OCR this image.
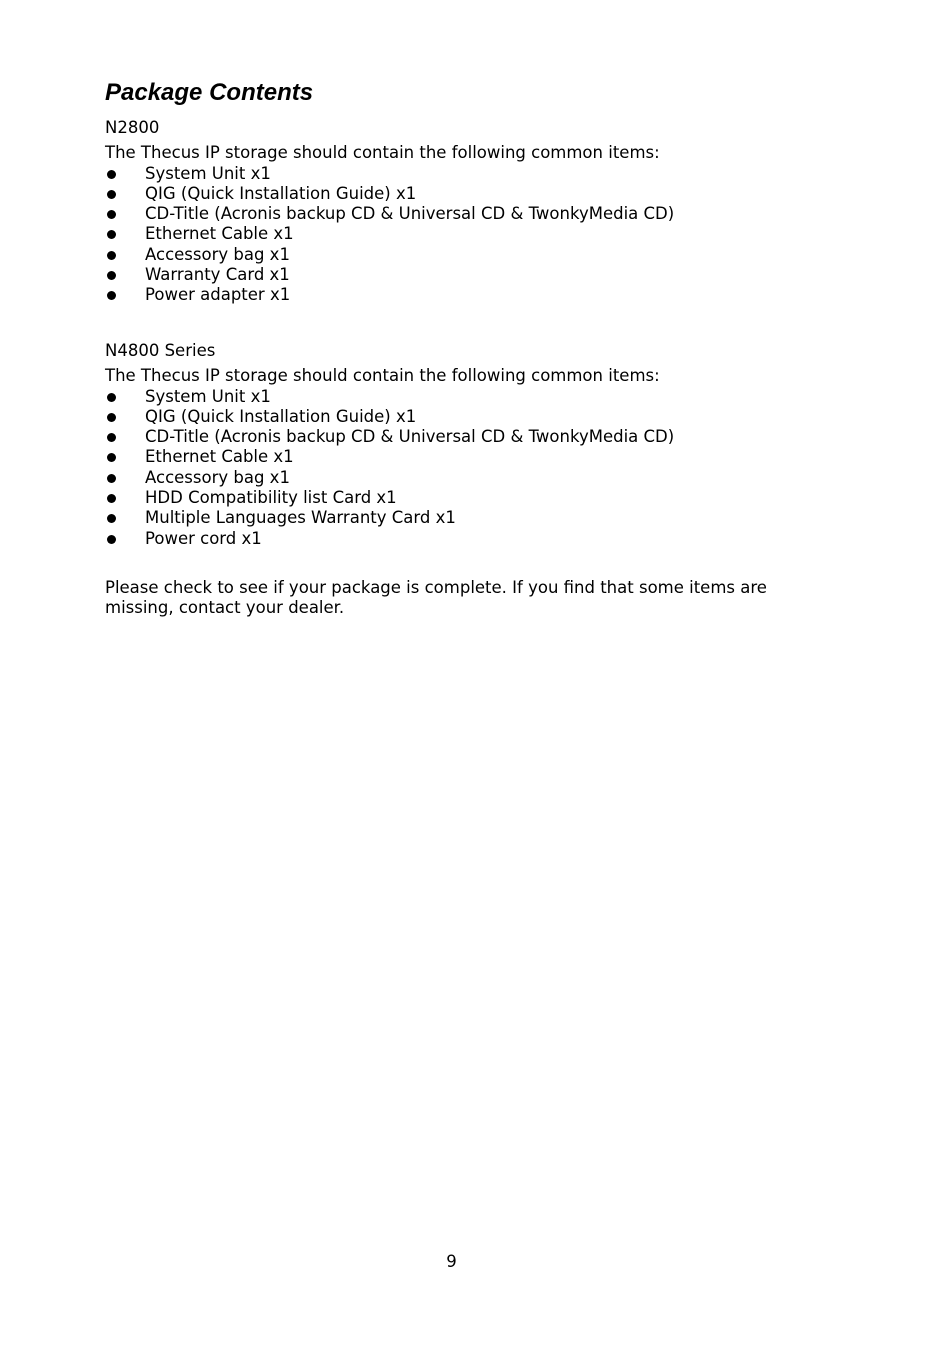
Package Contents

N2800

The Thecus IP storage should contain the following common items:

System Unit x1
QIG (Quick Installation Guide) x1
CD-Title (Acronis backup CD & Universal CD & TwonkyMedia CD)
Ethernet Cable x1
Accessory bag x1
Warranty Card x1
Power adapter x1

N4800 Series

The Thecus IP storage should contain the following common items:

System Unit x1
QIG (Quick Installation Guide) x1
CD-Title (Acronis backup CD & Universal CD & TwonkyMedia CD)
Ethernet Cable x1
Accessory bag x1
HDD Compatibility list Card x1
Multiple Languages Warranty Card x1
Power cord x1
Please check to see if your package is complete. If you find that some items are
missing, contact your dealer.
9
